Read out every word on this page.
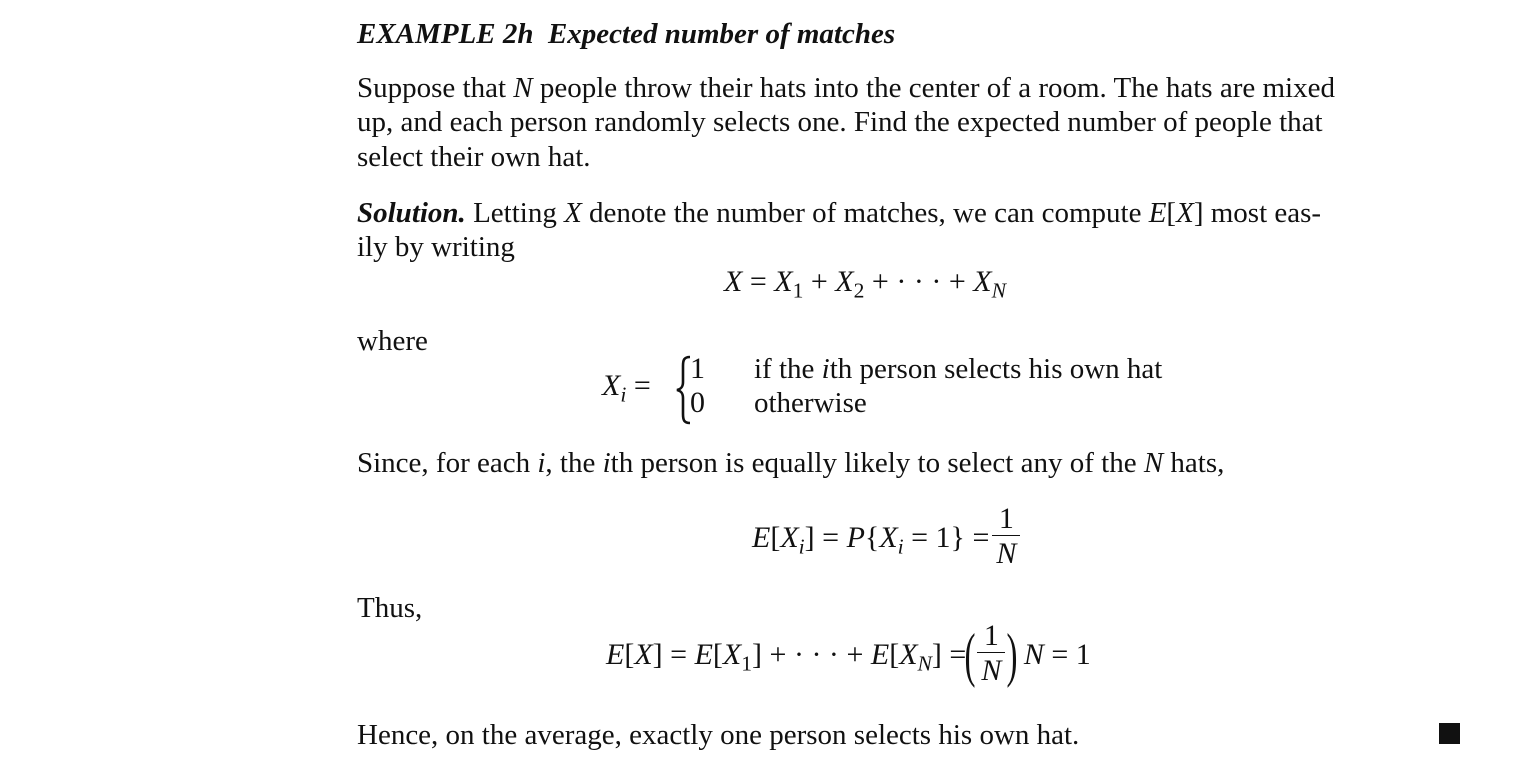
EXAMPLE 2h Expected number of matches
Suppose that N people throw their hats into the center of a room. The hats are mixed
up, and each person randomly selects one. Find the expected number of people that
select their own hat.
Solution. Letting X denote the number of matches, we can compute E[X] most eas-
ily by writing
$X = X_1 + X_2$ + · · · + $X_N$
where
$X_i$ =
1
0
if the ith person selects his own hat
otherwise
Since, for each i, the ith person is equally likely to select any of the N hats,
$E[X_i] = P\{X_i = 1\} = \frac{1}{N}$
Thus,
$E[X] = E[X_1]$ + · · · + $E[X_N]$ =
( $\frac{1}{N}$ ) N = 1
Hence, on the average, exactly one person selects his own hat.
